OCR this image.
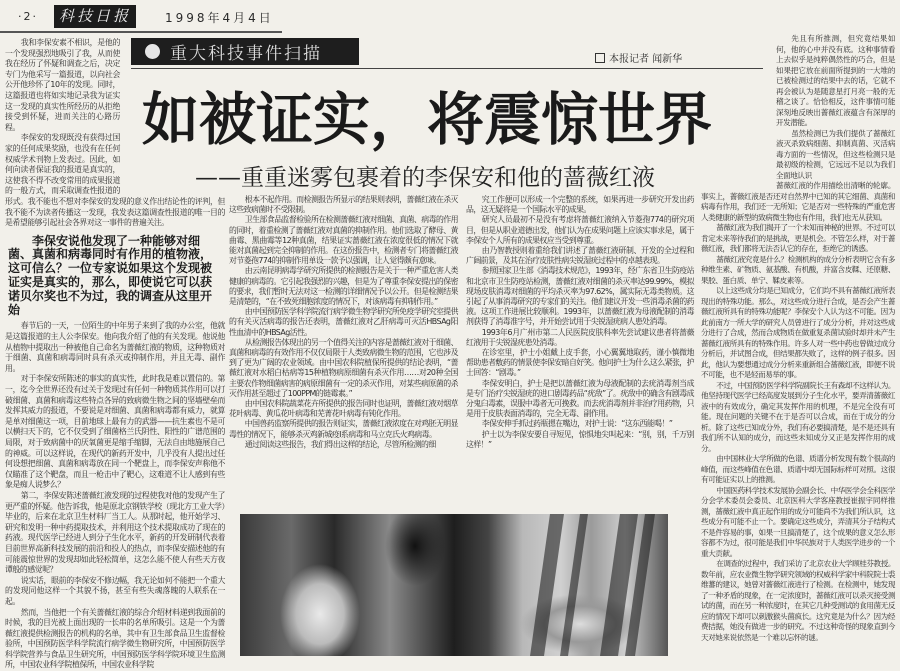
·2·	科技日报	1998年4月4日
重大科技事件扫描	本报记者 闻新华
如被证实，将震惊世界
——重重迷雾包裹着的李保安和他的蔷薇红液

我和李保安素不相识，是他的一个发现强烈地吸引了我，从而使我在经历了怀疑和调查之后，决定专门为他采写一篇报道，以向社会公开他珍怀了10年的发现。同时，这篇报道也将如实地记录我为证实这一发现的真实性所经历的从拒绝接受到怀疑，进而关注的心路历程。

李保安的发现既没有获得过国家的任何成果奖励，也没有在任何权威学术刊物上发表过。因此，如何向读者保证我的报道是真实的，这使我不得不改变常用的成果报道的一般方式，而采取调查性报道的形式。我不能也不想对李保安的发现的意义作出结论性的评判，但我不能不为读者传播这一发现，我发表这篇调查性报道的唯一目的是希望能够引起社会各界对这一事件的普遍关注。

李保安说他发现了一种能够对细菌、真菌和病毒同时有作用的植物液，这可信么？一位专家说如果这个发现被证实是真实的，那么，即使说它可以获诺贝尔奖也不为过，我的调查从这里开始

春节后的一天，一位陌生的中年男子来到了我的办公室，他就是这篇报道的主人公李保安。他向我介绍了他的有关发现。他说他从植物中提取出一种被他自己命名为蔷薇红液的物质，这种物质对于细菌、真菌和病毒同时具有杀灭或抑制作用，并且无毒、副作用。

对于李保安所陈述的事实的真实性，此时我是难以置信的。第一，迄今全世界还没有过关于发现过有任何一种物质其作用可以打破细菌、真菌和病毒这些特点各异的致病微生物之间的坚墙壁垒而发挥其威力的报道，不要说是对细菌、真菌和病毒都有威力，就算是单对细菌这一项，目前地球上最有力的武器——抗生素也不是可以横扫天下的，它不仅受到了细菌格兰氏阴性、阳性的广谱范围的局限，对于致病菌中的厌氧菌更是缩手缩脚，无法自由地施展自己的神威。可以这样说，在现代的新药开发中，几乎没有人提出过任何设想把细菌、真菌和病毒放在同一个靶盘上，而李保安声称他不仅瞄准了这个靶盘，而且一枪击中了靶心，这难道不让人感到有些象是痴人说梦么？

第二，李保安陈述蔷薇红液发现的过程使我对他的发现产生了更严重的怀疑。他告诉我，他是原北京钢铁学校（现北方工业大学）毕业的，后来在北京卫生材料厂当工人。从那时起，他开始学习、研究和发明一种中药提取技术，并利用这个技术提取成功了现在的药液。现代医学已经进人到分子生化水平，新药的开发研制代表着目前世界高新科技发展的前沿和投人的热点，而李保安描述他的有可能震惊世界的发现却如此轻松简单，这怎么能不使人有些天方夜谭般的感觉呢？

说实话，眼前的李保安不修边幅，我无论如何不能把一个重大的发现同他这样一个其貌不扬，甚至有些失魂落魄的人联系在一起。

然而，当他把一个有关蔷薇红液的综合介绍材料递到我面前的时候，我的目光被上面出现的一长串的名单所吸引。这是一个为蔷薇红液提供检测报告的机构的名单，其中有卫生部食品卫生监督检验所，中国预防医学科学院流行病学微生物研究所，中国预防医学科学院营养与食品卫生研究所，中国预防医学科学院环境卫生监测所，中国农业科学院植保所，中国农业科学院

根本不起作用。而检测报告所显示的结果则表明，蔷薇红液在杀灭这些致病菌时不受限制。

卫生部食品监督检验所在检测蔷薇红液对细菌、真菌、病毒的作用的同时，着重检测了蔷薇红液对真菌的抑制作用。他们选取了酵母、黄曲霉、黑曲霉等12种真菌，结果证实蔷薇红液在浓度很低的情况下就能对真菌起到完全抑制的作用。在这份报告中，检测者专门将蔷薇红液对节菱孢774的抑制作用单设一款予以强调，让人觉得颇有意味。

由云南昆明病毒学研究所提供的检测报告是关于一种严重危害人类健康的病毒的。它引起我强烈的兴趣，但是为了尊重李保安提出的保密的要求，我们暂时无法对这一检测的详细情况予以公开。但是检测结果是清楚的，“在不致死细胞浓度的情况下，对该病毒有抑制作用。”

由中国预防医学科学院流行病学微生物学研究所免疫学研究室提供的有关灭活病毒的报告还表明，蔷薇红液对乙肝病毒可灭活HBSAg阳性血清中的HBSAg活性。

从检测报告体现出的另一个值得关注的内容是蔷薇红液对于细菌、真菌和病毒的有效作用不仅仅局限于人类致病微生物的范围，它也涉及到了更为广阔的农业领域。由中国农科院植保所提供的结论表明，“蔷薇红液对水稻白枯病等15种植物病原细菌有杀灭作用……对20种全国主要农作物细菌病害的病原细菌有一定的杀灭作用，对某些病原菌的杀灭作用甚至超过了100PPM的链霉素。”

由中国农科院蔬菜花卉所提供的报告同时也证明，蔷薇红液对烟草花叶病毒、黄瓜花叶病毒和芜菁花叶病毒有钝化作用。

中国兽药监察所提供的报告则证实，蔷薇红液浓度在对鸡胚无明显毒性的情况下，能够杀灭鸡新城疫Ⅰ系病毒和马立克氏火鸡病毒。

通过阅读这些报告，我们得出这样的结论，尽管所检测的细

究工作便可以形成一个完整的系统，如果再进一步研究开发出药品，这无疑将是一个国际水平的成果。

研究人员最初不是没有考虑将蔷薇红液纳入节菱孢774的研究项目，但是从职业道德出发，他们认为在成果问题上应该实事求是，属于李保安个人所有的成果权应当受到尊重。

由乃智教授则着重给我们讲述了蔷薇红液研制、开发的全过程和广阔前景，及其在治疗皮肤性病尖锐湿疣过程中的卓越表现。

参照国家卫生部《消毒技术规范》，1993年，经广东省卫生防疫站和北京市卫生防疫站检测，蔷薇红液对细菌的杀灭率达99.99%，模拟现场皮肤消毒对细菌的平均杀灭率为97.62%，属实际无毒类物质。这引起了从事消毒研究的专家们的关注。他们建议开发一些消毒杀菌的药液。这项工作进展比较顺利。1993年，以蔷薇红液为母液配制的消毒剂获得了消毒准字号，并开始尝试用于尖锐湿疣病人患处消毒。

1993年6月广州市第二人民医院皮肤科率先尝试建议患者将蔷薇红液用于尖锐湿疣患处消毒。

在诊室里，护士小姐戴上皮手套，小心翼翼地取药，谨小慎微地帮助患者敷药的情景使李保安暗自好笑。他问护士为什么这么紧张，护士回答：“剧毒。”

李保安明白，护士是把以蔷薇红液为母液配制的去疣消毒剂当成是专门治疗尖锐湿疣的进口剧毒药品“疣敌”了。疣敌中的确含有剧毒成分鬼臼毒素，误服中毒者无可挽救。而去疣消毒剂并非治疗用药物，只是用于皮肤表面消毒的，完全无毒、副作用。

李保安伸手抓过药瓶摁在嘴边，对护士说：“这东西能喝！”

护士以为李保安要自寻短见，惊惧地尖叫起来：“别，别，千万别这样！”

先且有所推测，但究竟结果如何，他的心中并没有底。这种事情看上去似乎是纯粹偶然性的巧合，但是如果把它放在前面所提到的一大堆的已被检测过的结果中去的话，它就不再会被认为是随意星打月亮一般的无稽之谈了。恰恰相反，这件事情可能深刻地反映出蔷薇红液蕴含有深厚的开发潜能。

虽然检测已为我们提供了蔷薇红液灭杀致病细菌、抑制真菌、灭活病毒方面的一些情况，但这些检测只是最初级的检测，它远远不足以为我们全面地认识

蔷薇红液的作用描绘出清晰的轮廓。事实上，蔷薇红液是否还对自然界中已知的其它细菌、真菌和病毒有作用，我们还一无所知；它是否对一些特殊的严重危害人类健康的新型的致病微生物也有作用，我们也无从获知。

蔷薇红液为我们揭开了一个未知而神秘的世界。不过可以肯定未来等待我们的是挑战，更是机会。不管怎么样，对于蔷薇红液，我们都将无法否认它的存在，拒绝它的诱惑。

蔷薇红液究竟是什么？检测机构的成分分析表明它含有多种维生素、矿物质、氨基酸、有机酸，并富含皮鞣、还原糖、果胶、蛋白质、单宁、鞣皮素等。

以上这些成分均是已知成分，它们均不具有蔷薇红液所表现出的特殊功能。那么，对这些成分进行合成，是否会产生蔷薇红液所具有的特殊功能呢？李保安个人认为这不可能。因为此前南方一所大学的研究人员曾进行了成分分析，并对这些成分进行了合成，然而合成物质在做重复杀菌试验时却并未产生蔷薇红液所具有的特殊作用。许多人对一些中药也曾做过成分分析后，并试图合成，但结果都失败了，这样的例子很多。因此，他认为要想通过成分分析来重新组合蔷薇红液，即便不说不可能，也不是轻而易举的事。

不过，中国预防医学科学院副院长王有森却不这样认为。他坚持现代医学已经高度发展到分子生化水平，要弄清蔷薇红液中的有效成分，确定其发挥作用的机理，不是完全没有可能。现在问题的关键不在于是否可以合成，而在于成分的分析。除了这些已知成分外，我们有必要搞清楚，是不是还具有我们所不认知的成分，而这些未知成分又正是发挥作用的成分。

由中国林业大学所做的色谱、质谱分析发现有数个很高的峰值，而这些峰值在色谱、质谱中却无国际标样可对照。这很有可能证实以上的推测。

中国医药科学技术发展协会副会长、中华医学会全科医学分会学术委员会委员、北京医科大学客座教授崔振宇同样推测，蔷薇红液中真正起作用的成分可能尚不为我们所认识，这些成分有可能不止一个。要确定这些成分，弄清其分子结构式不是件容易的事，如果一旦搞清楚了，这个成果的意义怎么形容都不为过，很可能是我们中华民族对于人类医学进步的一个重大贡献。

在调查的过程中，我们采访了北京农业大学顾桂芬教授。数年前，应农业微生物学研究领域的权威科学家中科院院士裘维蕃的建议，她曾对蔷薇红液进行了检测。在检测中，她发现了一种矛盾的现象，在一定浓度时，蔷薇红液可以杀灭接受测试的菌，而在另一种浓度时，在其它几种受测试的食用菌无反应的情况下却可以刺激猴头菌疯长。这究竟是为什么？因为经费拮据，她没有做进一步的研究。不过这种奇怪的现象直到今天对她来说依然是一个难以忘怀的谜。
